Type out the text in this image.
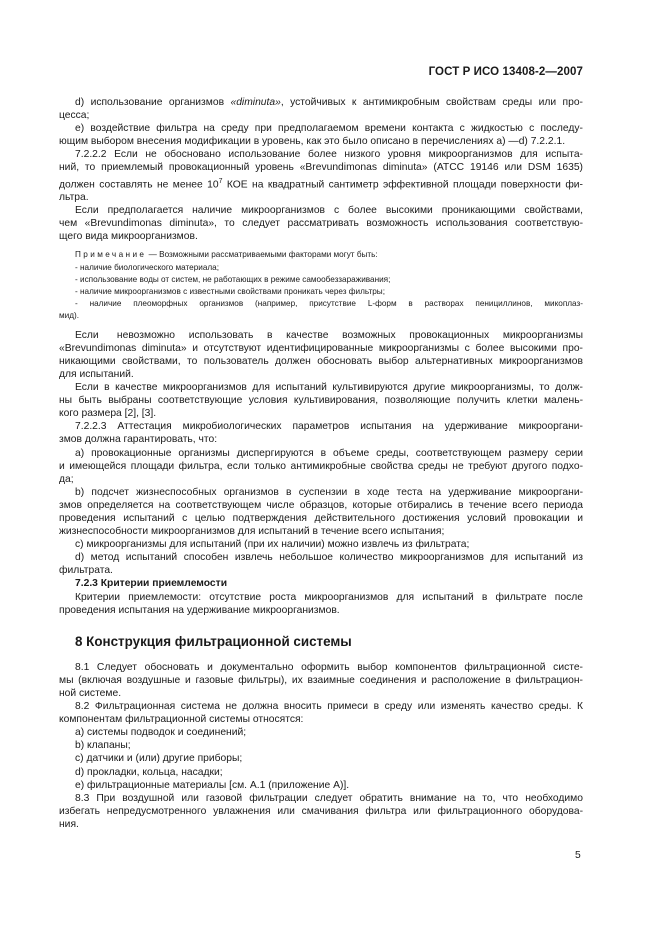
ГОСТ Р ИСО 13408-2—2007
d) использование организмов «diminuta», устойчивых к антимикробным свойствам среды или про-
цесса;
e) воздействие фильтра на среду при предполагаемом времени контакта с жидкостью с последу-
ющим выбором внесения модификации в уровень, как это было описано в перечислениях a) —d) 7.2.2.1.
7.2.2.2 Если не обосновано использование более низкого уровня микроорганизмов для испыта-
ний, то приемлемый провокационный уровень «Brevundimonas diminuta» (ATCC 19146 или DSM 1635)
должен составлять не менее $10^7$ КОЕ на квадратный сантиметр эффективной площади поверхности фи-
льтра.
Если предполагается наличие микроорганизмов с более высокими проникающими свойствами,
чем «Brevundimonas diminuta», то следует рассматривать возможность использования соответствую-
щего вида микроорганизмов.
Примечание — Возможными рассматриваемыми факторами могут быть:
- наличие биологического материала;
- использование воды от систем, не работающих в режиме самообеззараживания;
- наличие микроорганизмов с известными свойствами проникать через фильтры;
- наличие плеоморфных организмов (например, присутствие L-форм в растворах пенициллинов, микоплаз-
мид).
Если    невозможно   использовать   в   качестве   возможных   провокационных   микроорганизмы
«Brevundimonas diminuta» и отсутствуют идентифицированные микроорганизмы с более высокими про-
никающими свойствами, то пользователь должен обосновать выбор альтернативных микроорганизмов
для испытаний.
Если в качестве микроорганизмов для испытаний культивируются другие микроорганизмы, то долж-
ны быть выбраны соответствующие условия культивирования, позволяющие получить клетки малень-
кого размера [2], [3].
7.2.2.3  Аттестация  микробиологических  параметров  испытания  на  удерживание  микрооргани-
змов должна гарантировать, что:
a) провокационные организмы диспергируются в объеме среды, соответствующем размеру серии
и имеющейся площади фильтра, если только антимикробные свойства среды не требуют другого подхо-
да;
b) подсчет жизнеспособных организмов в суспензии в ходе теста на удерживание микрооргани-
змов определяется на соответствующем числе образцов, которые отбирались в течение всего периода
проведения  испытаний  с  целью  подтверждения  действительного  достижения  условий  провокации  и
жизнеспособности микроорганизмов для испытаний в течение всего испытания;
c) микроорганизмы для испытаний (при их наличии) можно извлечь из фильтрата;
d) метод испытаний способен извлечь небольшое количество микроорганизмов для испытаний из
фильтрата.
7.2.3 Критерии приемлемости
Критерии приемлемости: отсутствие роста микроорганизмов для испытаний в фильтрате после
проведения испытания на удерживание микроорганизмов.
8 Конструкция фильтрационной системы
8.1 Следует обосновать и документально оформить выбор компонентов фильтрационной систе-
мы (включая воздушные и газовые фильтры), их взаимные соединения и расположение в фильтрацион-
ной системе.
8.2 Фильтрационная система не должна вносить примеси в среду или изменять качество среды. К
компонентам фильтрационной системы относятся:
a) системы подводок и соединений;
b) клапаны;
c) датчики и (или) другие приборы;
d) прокладки, кольца, насадки;
e) фильтрационные материалы [см. А.1 (приложение А)].
8.3 При воздушной или газовой фильтрации следует обратить внимание на то, что необходимо
избегать непредусмотренного увлажнения или смачивания фильтра или фильтрационного оборудова-
ния.
5
